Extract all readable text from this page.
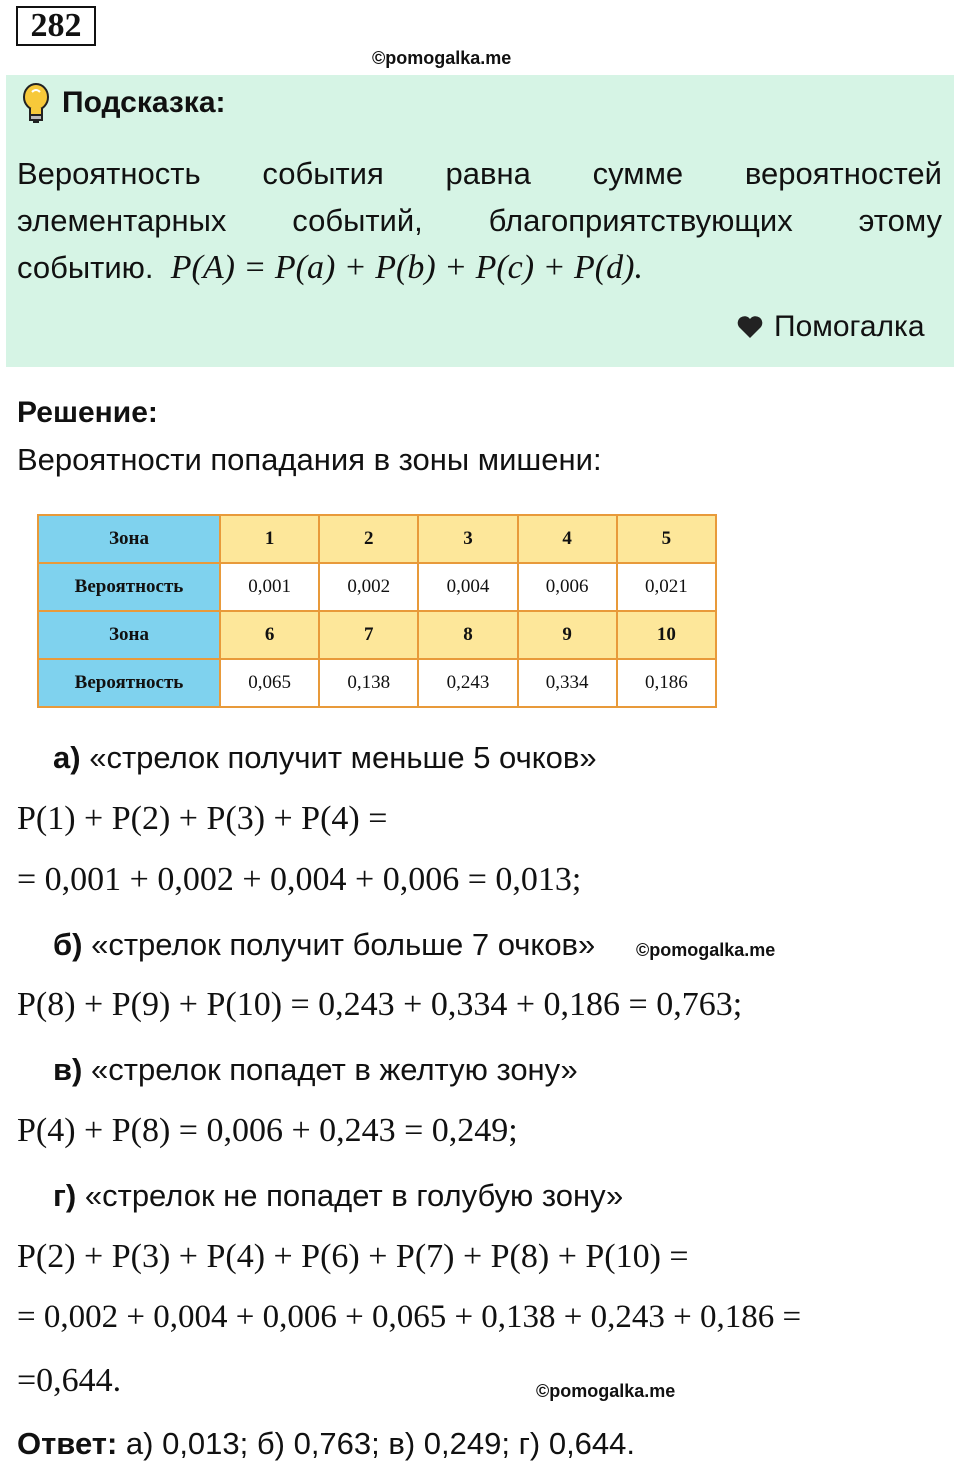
282
©pomogalka.me
Подсказка:
Вероятность события равна сумме вероятностей
элементарных событий, благоприятствующих этому
событию. P(A) = P(a) + P(b) + P(c) + P(d).
Помогалка
Решение:
Вероятности попадания в зоны мишени:
Зона	1	2	3	4	5
Вероятность	0,001	0,002	0,004	0,006	0,021
Зона	6	7	8	9	10
Вероятность	0,065	0,138	0,243	0,334	0,186
а) «стрелок получит меньше 5 очков»
P(1) + P(2) + P(3) + P(4) =
= 0,001 + 0,002 + 0,004 + 0,006 = 0,013;
б) «стрелок получит больше 7 очков» ©pomogalka.me
P(8) + P(9) + P(10) = 0,243 + 0,334 + 0,186 = 0,763;
в) «стрелок попадет в желтую зону»
P(4) + P(8) = 0,006 + 0,243 = 0,249;
г) «стрелок не попадет в голубую зону»
P(2) + P(3) + P(4) + P(6) + P(7) + P(8) + P(10) =
= 0,002 + 0,004 + 0,006 + 0,065 + 0,138 + 0,243 + 0,186 =
=0,644.	©pomogalka.me
Ответ: а) 0,013; б) 0,763; в) 0,249; г) 0,644.
